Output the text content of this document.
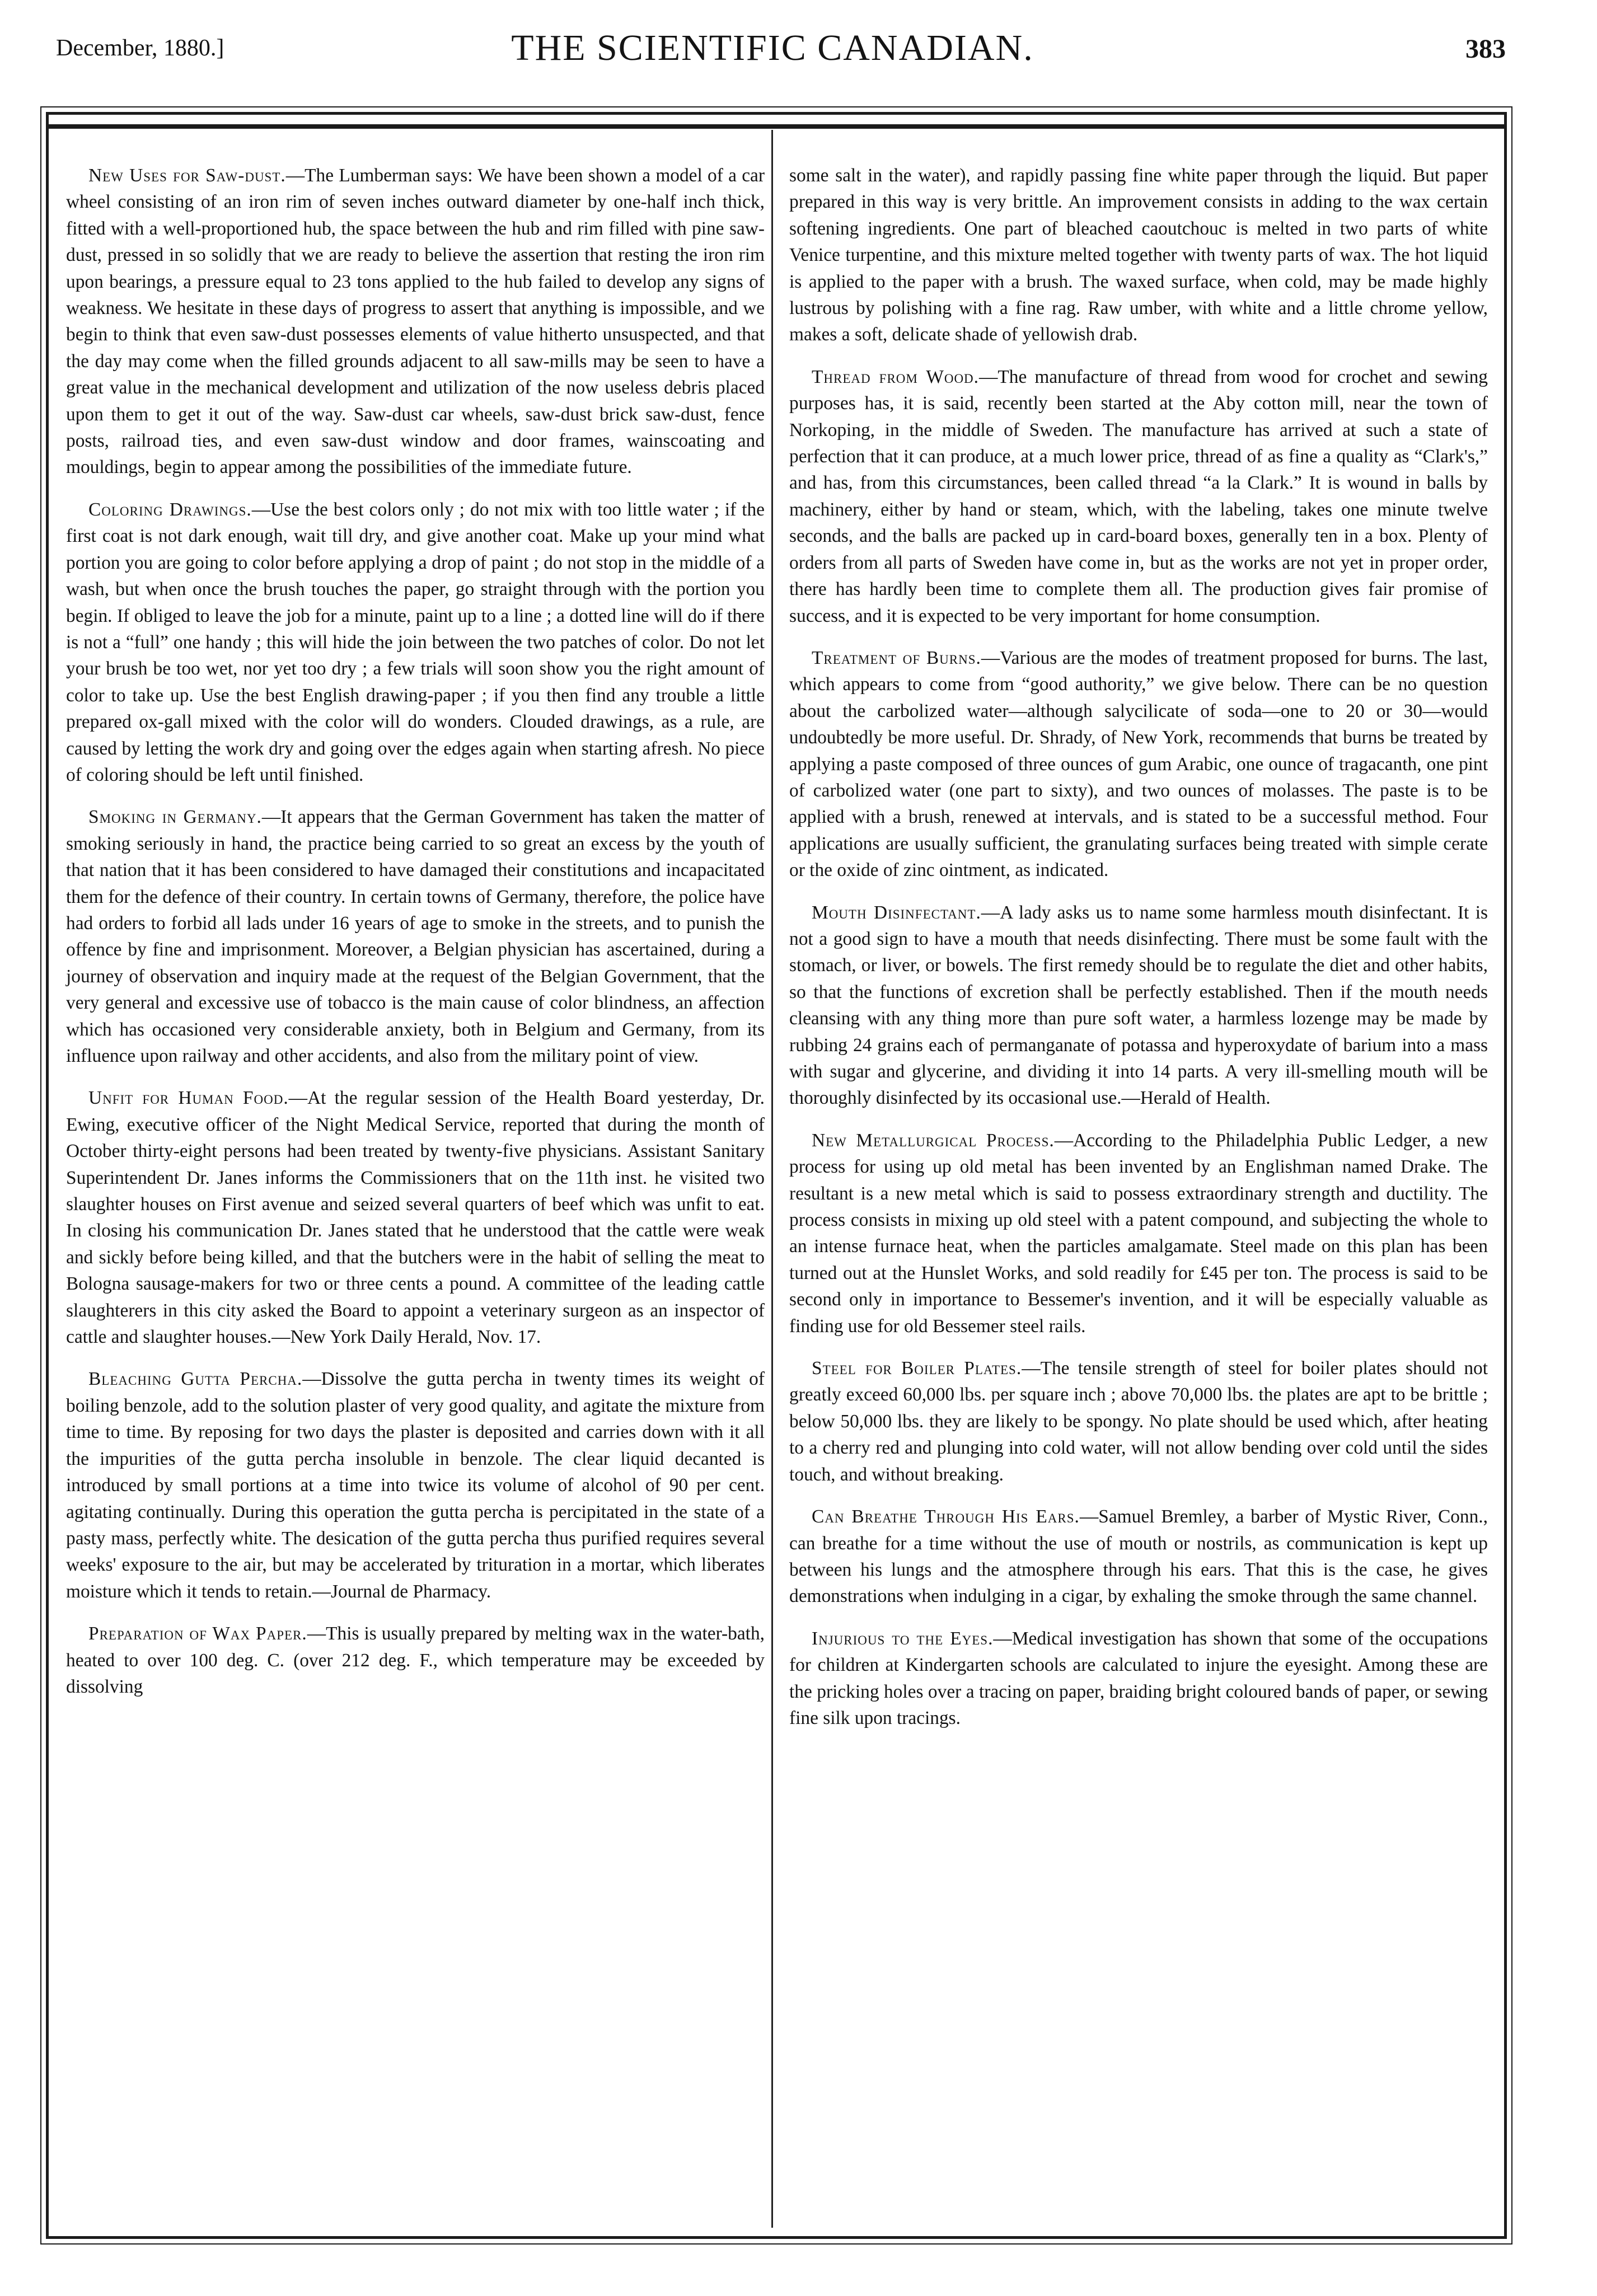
December, 1880.]	THE SCIENTIFIC CANADIAN.	383

New Uses for Saw-dust.—The Lumberman says: We have been shown a model of a car wheel consisting of an iron rim of seven inches outward diameter by one-half inch thick, fitted with a well-proportioned hub, the space between the hub and rim filled with pine saw-dust, pressed in so solidly that we are ready to believe the assertion that resting the iron rim upon bearings, a pressure equal to 23 tons applied to the hub failed to develop any signs of weakness. We hesitate in these days of progress to assert that anything is impossible, and we begin to think that even saw-dust possesses elements of value hitherto unsuspected, and that the day may come when the filled grounds adjacent to all saw-mills may be seen to have a great value in the mechanical development and utilization of the now useless debris placed upon them to get it out of the way. Saw-dust car wheels, saw-dust brick saw-dust, fence posts, railroad ties, and even saw-dust window and door frames, wainscoating and mouldings, begin to appear among the possibilities of the immediate future.

Coloring Drawings.—Use the best colors only ; do not mix with too little water ; if the first coat is not dark enough, wait till dry, and give another coat. Make up your mind what portion you are going to color before applying a drop of paint ; do not stop in the middle of a wash, but when once the brush touches the paper, go straight through with the portion you begin. If obliged to leave the job for a minute, paint up to a line ; a dotted line will do if there is not a “full” one handy ; this will hide the join between the two patches of color. Do not let your brush be too wet, nor yet too dry ; a few trials will soon show you the right amount of color to take up. Use the best English drawing-paper ; if you then find any trouble a little prepared ox-gall mixed with the color will do wonders. Clouded drawings, as a rule, are caused by letting the work dry and going over the edges again when starting afresh. No piece of coloring should be left until finished.

Smoking in Germany.—It appears that the German Government has taken the matter of smoking seriously in hand, the practice being carried to so great an excess by the youth of that nation that it has been considered to have damaged their constitutions and incapacitated them for the defence of their country. In certain towns of Germany, therefore, the police have had orders to forbid all lads under 16 years of age to smoke in the streets, and to punish the offence by fine and imprisonment. Moreover, a Belgian physician has ascertained, during a journey of observation and inquiry made at the request of the Belgian Government, that the very general and excessive use of tobacco is the main cause of color blindness, an affection which has occasioned very considerable anxiety, both in Belgium and Germany, from its influence upon railway and other accidents, and also from the military point of view.

Unfit for Human Food.—At the regular session of the Health Board yesterday, Dr. Ewing, executive officer of the Night Medical Service, reported that during the month of October thirty-eight persons had been treated by twenty-five physicians. Assistant Sanitary Superintendent Dr. Janes informs the Commissioners that on the 11th inst. he visited two slaughter houses on First avenue and seized several quarters of beef which was unfit to eat. In closing his communication Dr. Janes stated that he understood that the cattle were weak and sickly before being killed, and that the butchers were in the habit of selling the meat to Bologna sausage-makers for two or three cents a pound. A committee of the leading cattle slaughterers in this city asked the Board to appoint a veterinary surgeon as an inspector of cattle and slaughter houses.—New York Daily Herald, Nov. 17.

Bleaching Gutta Percha.—Dissolve the gutta percha in twenty times its weight of boiling benzole, add to the solution plaster of very good quality, and agitate the mixture from time to time. By reposing for two days the plaster is deposited and carries down with it all the impurities of the gutta percha insoluble in benzole. The clear liquid decanted is introduced by small portions at a time into twice its volume of alcohol of 90 per cent. agitating continually. During this operation the gutta percha is percipitated in the state of a pasty mass, perfectly white. The desication of the gutta percha thus purified requires several weeks' exposure to the air, but may be accelerated by trituration in a mortar, which liberates moisture which it tends to retain.—Journal de Pharmacy.

Preparation of Wax Paper.—This is usually prepared by melting wax in the water-bath, heated to over 100 deg. C. (over 212 deg. F., which temperature may be exceeded by dissolving

some salt in the water), and rapidly passing fine white paper through the liquid. But paper prepared in this way is very brittle. An improvement consists in adding to the wax certain softening ingredients. One part of bleached caoutchouc is melted in two parts of white Venice turpentine, and this mixture melted together with twenty parts of wax. The hot liquid is applied to the paper with a brush. The waxed surface, when cold, may be made highly lustrous by polishing with a fine rag. Raw umber, with white and a little chrome yellow, makes a soft, delicate shade of yellowish drab.

Thread from Wood.—The manufacture of thread from wood for crochet and sewing purposes has, it is said, recently been started at the Aby cotton mill, near the town of Norkoping, in the middle of Sweden. The manufacture has arrived at such a state of perfection that it can produce, at a much lower price, thread of as fine a quality as “Clark's,” and has, from this circumstances, been called thread “a la Clark.” It is wound in balls by machinery, either by hand or steam, which, with the labeling, takes one minute twelve seconds, and the balls are packed up in card-board boxes, generally ten in a box. Plenty of orders from all parts of Sweden have come in, but as the works are not yet in proper order, there has hardly been time to complete them all. The production gives fair promise of success, and it is expected to be very important for home consumption.

Treatment of Burns.—Various are the modes of treatment proposed for burns. The last, which appears to come from “good authority,” we give below. There can be no question about the carbolized water—although salycilicate of soda—one to 20 or 30—would undoubtedly be more useful. Dr. Shrady, of New York, recommends that burns be treated by applying a paste composed of three ounces of gum Arabic, one ounce of tragacanth, one pint of carbolized water (one part to sixty), and two ounces of molasses. The paste is to be applied with a brush, renewed at intervals, and is stated to be a successful method. Four applications are usually sufficient, the granulating surfaces being treated with simple cerate or the oxide of zinc ointment, as indicated.

Mouth Disinfectant.—A lady asks us to name some harmless mouth disinfectant. It is not a good sign to have a mouth that needs disinfecting. There must be some fault with the stomach, or liver, or bowels. The first remedy should be to regulate the diet and other habits, so that the functions of excretion shall be perfectly established. Then if the mouth needs cleansing with any thing more than pure soft water, a harmless lozenge may be made by rubbing 24 grains each of permanganate of potassa and hyperoxydate of barium into a mass with sugar and glycerine, and dividing it into 14 parts. A very ill-smelling mouth will be thoroughly disinfected by its occasional use.—Herald of Health.

New Metallurgical Process.—According to the Philadelphia Public Ledger, a new process for using up old metal has been invented by an Englishman named Drake. The resultant is a new metal which is said to possess extraordinary strength and ductility. The process consists in mixing up old steel with a patent compound, and subjecting the whole to an intense furnace heat, when the particles amalgamate. Steel made on this plan has been turned out at the Hunslet Works, and sold readily for £45 per ton. The process is said to be second only in importance to Bessemer's invention, and it will be especially valuable as finding use for old Bessemer steel rails.

Steel for Boiler Plates.—The tensile strength of steel for boiler plates should not greatly exceed 60,000 lbs. per square inch ; above 70,000 lbs. the plates are apt to be brittle ; below 50,000 lbs. they are likely to be spongy. No plate should be used which, after heating to a cherry red and plunging into cold water, will not allow bending over cold until the sides touch, and without breaking.

Can Breathe Through His Ears.—Samuel Bremley, a barber of Mystic River, Conn., can breathe for a time without the use of mouth or nostrils, as communication is kept up between his lungs and the atmosphere through his ears. That this is the case, he gives demonstrations when indulging in a cigar, by exhaling the smoke through the same channel.

Injurious to the Eyes.—Medical investigation has shown that some of the occupations for children at Kindergarten schools are calculated to injure the eyesight. Among these are the pricking holes over a tracing on paper, braiding bright coloured bands of paper, or sewing fine silk upon tracings.
